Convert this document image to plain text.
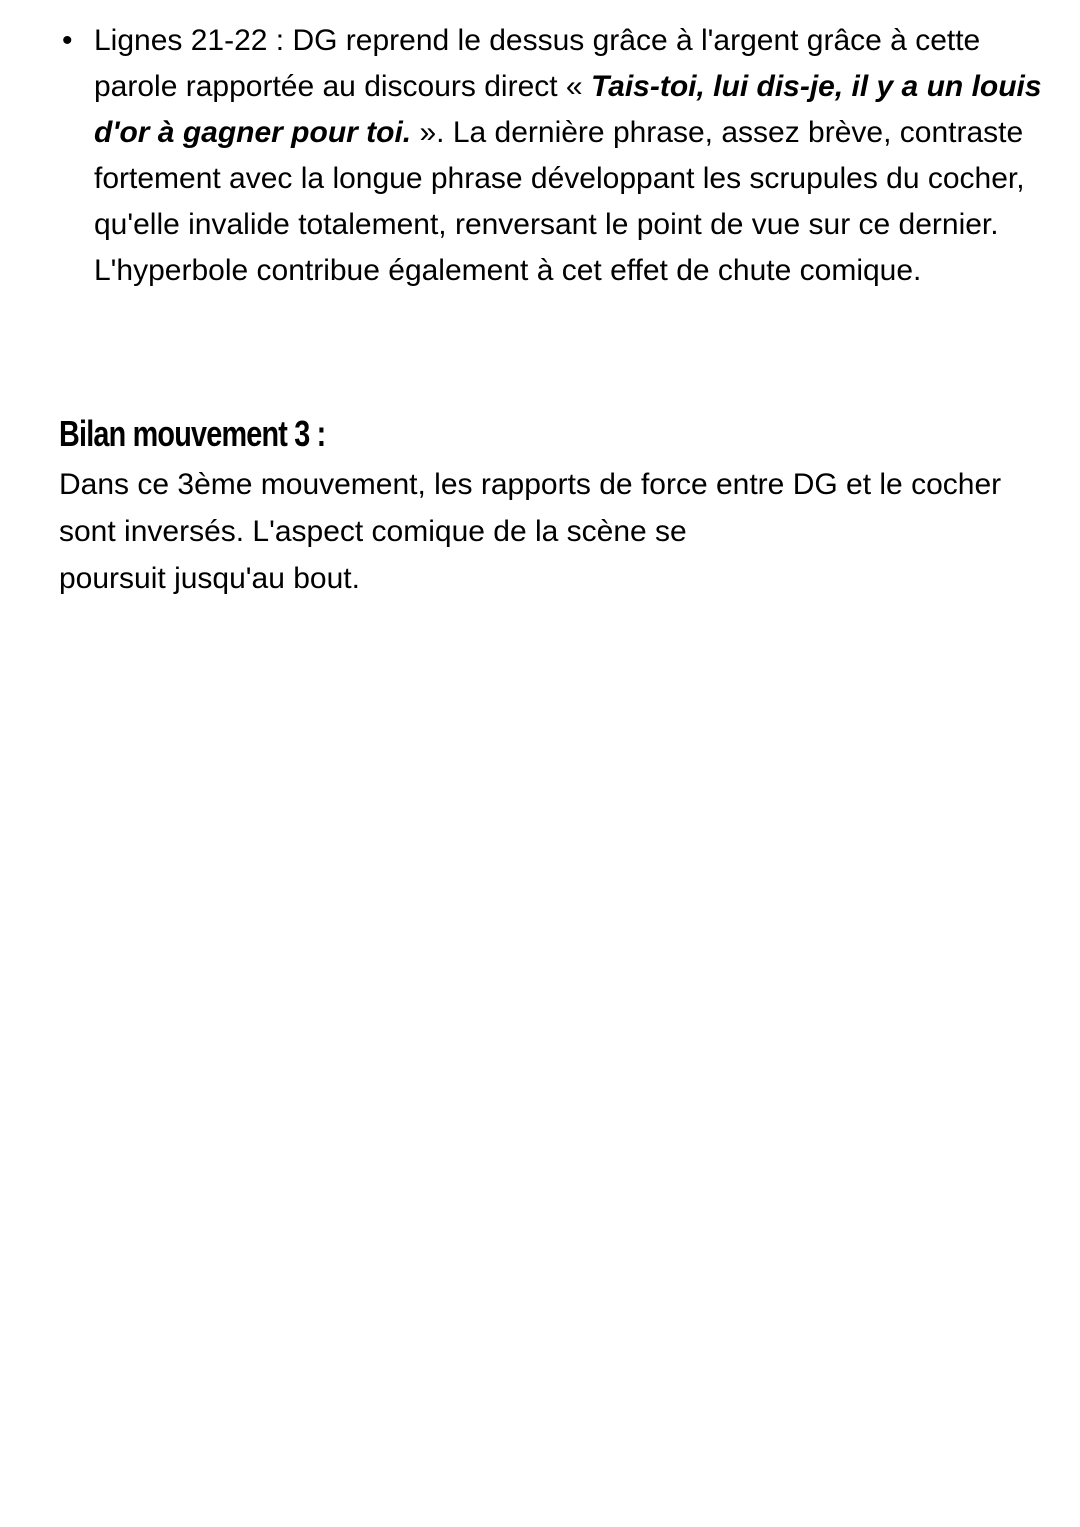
• Lignes 21-22 : DG reprend le dessus grâce à l'argent grâce à cette parole rapportée au discours direct « Tais-toi, lui dis-je, il y a un louis d'or à gagner pour toi. ». La dernière phrase, assez brève, contraste fortement avec la longue phrase développant les scrupules du cocher, qu'elle invalide totalement, renversant le point de vue sur ce dernier. L'hyperbole contribue également à cet effet de chute comique.
Bilan mouvement 3 :

Dans ce 3ème mouvement, les rapports de force entre DG et le cocher
sont inversés. L'aspect comique de la scène se
poursuit jusqu'au bout.
